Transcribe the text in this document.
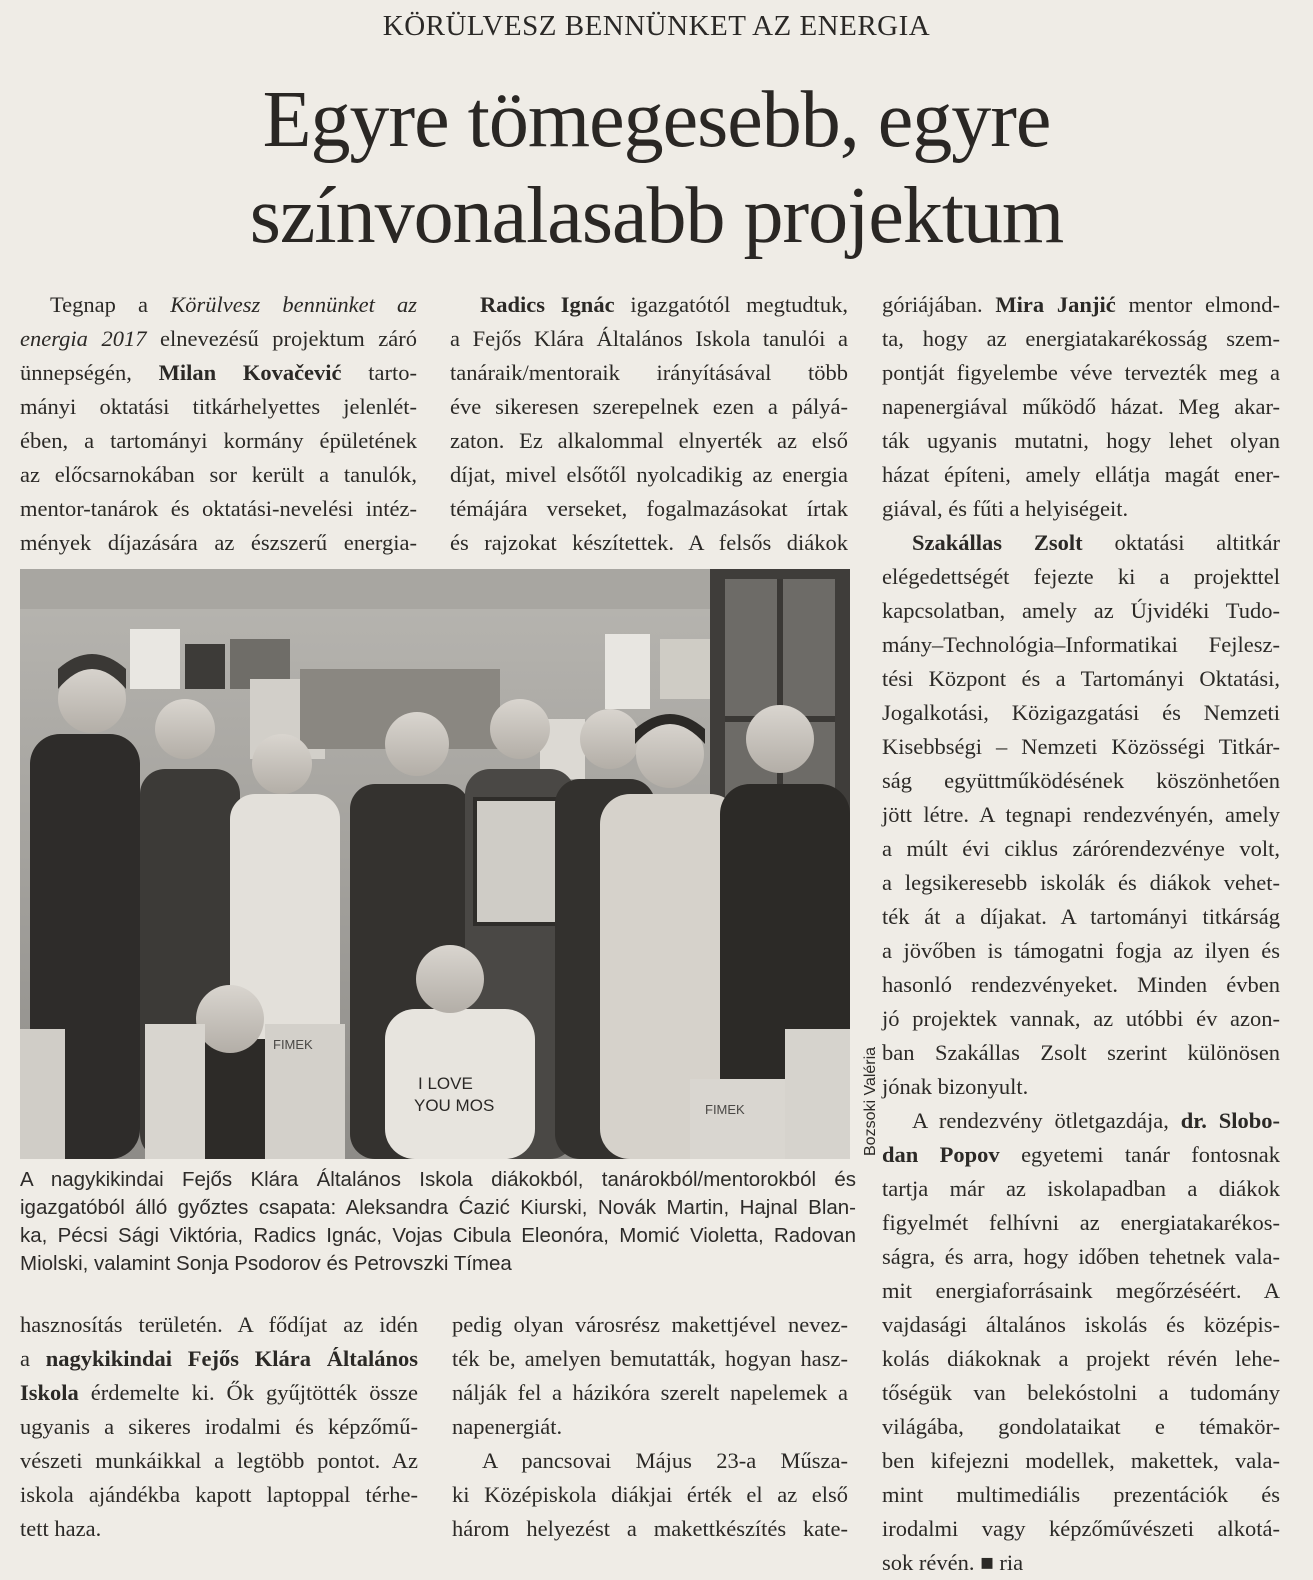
KÖRÜLVESZ BENNÜNKET AZ ENERGIA
Egyre tömegesebb, egyre
színvonalasabb projektum
Tegnap a Körülvesz bennünket az
energia 2017 elnevezésű projektum záró
ünnepségén, Milan Kovačević tarto-
mányi oktatási titkárhelyettes jelenlét-
ében, a tartományi kormány épületének
az előcsarnokában sor került a tanulók,
mentor-tanárok és oktatási-nevelési intéz-
mények díjazására az észszerű energia-
Radics Ignác igazgatótól megtudtuk,
a Fejős Klára Általános Iskola tanulói a
tanáraik/mentoraik irányításával több
éve sikeresen szerepelnek ezen a pályá-
zaton. Ez alkalommal elnyerték az első
díjat, mivel elsőtől nyolcadikig az energia
témájára verseket, fogalmazásokat írtak
és rajzokat készítettek. A felsős diákok
góriájában. Mira Janjić mentor elmond-
ta, hogy az energiatakarékosság szem-
pontját figyelembe véve tervezték meg a
napenergiával működő házat. Meg akar-
ták ugyanis mutatni, hogy lehet olyan
házat építeni, amely ellátja magát ener-
giával, és fűti a helyiségeit.
Szakállas Zsolt oktatási altitkár
elégedettségét fejezte ki a projekttel
kapcsolatban, amely az Újvidéki Tudo-
mány–Technológia–Informatikai Fejlesz-
tési Központ és a Tartományi Oktatási,
Jogalkotási, Közigazgatási és Nemzeti
Kisebbségi – Nemzeti Közösségi Titkár-
ság együttműködésének köszönhetően
jött létre. A tegnapi rendezvényén, amely
a múlt évi ciklus zárórendezvénye volt,
a legsikeresebb iskolák és diákok vehet-
ték át a díjakat. A tartományi titkárság
a jövőben is támogatni fogja az ilyen és
hasonló rendezvényeket. Minden évben
jó projektek vannak, az utóbbi év azon-
ban Szakállas Zsolt szerint különösen
jónak bizonyult.
A rendezvény ötletgazdája, dr. Slobo-
dan Popov egyetemi tanár fontosnak
tartja már az iskolapadban a diákok
figyelmét felhívni az energiatakarékos-
ságra, és arra, hogy időben tehetnek vala-
mit energiaforrásaink megőrzéséért. A
vajdasági általános iskolás és középis-
kolás diákoknak a projekt révén lehe-
tőségük van belekóstolni a tudomány
világába, gondolataikat e témakör-
ben kifejezni modellek, makettek, vala-
mint multimediális prezentációk és
irodalmi vagy képzőművészeti alkotá-
sok révén. ■ ria
I LOVE
YOU MOS
FIMEK
FIMEK	Bozsoki Valéria
A nagykikindai Fejős Klára Általános Iskola diákokból, tanárokból/mentorokból és
igazgatóból álló győztes csapata: Aleksandra Ćazić Kiurski, Novák Martin, Hajnal Blan-
ka, Pécsi Sági Viktória, Radics Ignác, Vojas Cibula Eleonóra, Momić Violetta, Radovan
Miolski, valamint Sonja Psodorov és Petrovszki Tímea
hasznosítás területén. A fődíjat az idén
a nagykikindai Fejős Klára Általános
Iskola érdemelte ki. Ők gyűjtötték össze
ugyanis a sikeres irodalmi és képzőmű-
vészeti munkáikkal a legtöbb pontot. Az
iskola ajándékba kapott laptoppal térhe-
tett haza.
pedig olyan városrész makettjével nevez-
ték be, amelyen bemutatták, hogyan hasz-
nálják fel a házikóra szerelt napelemek a
napenergiát.
A pancsovai Május 23-a Műsza-
ki Középiskola diákjai érték el az első
három helyezést a makettkészítés kate-
